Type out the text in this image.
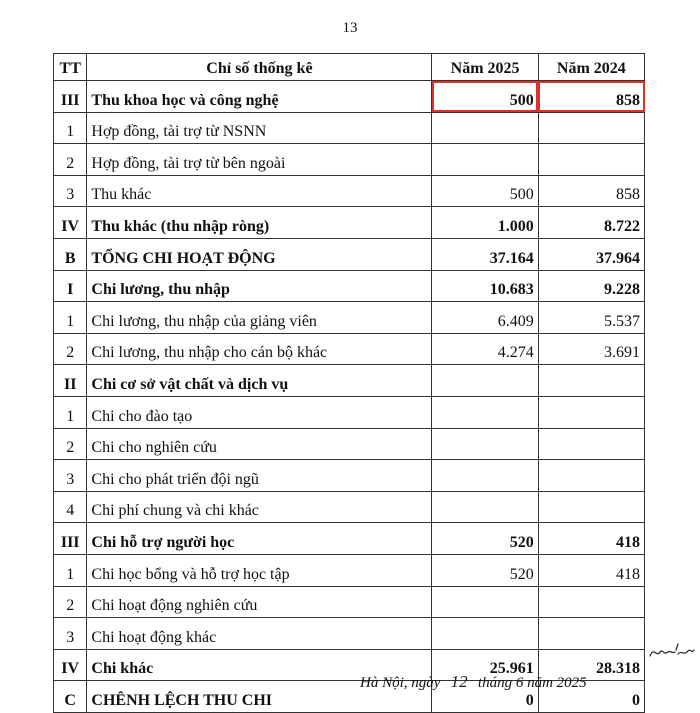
13
TT	Chỉ số thống kê	Năm 2025	Năm 2024
III	Thu khoa học và công nghệ	500	858
1	Hợp đồng, tài trợ từ NSNN		
2	Hợp đồng, tài trợ từ bên ngoài		
3	Thu khác	500	858
IV	Thu khác (thu nhập ròng)	1.000	8.722
B	TỔNG CHI HOẠT ĐỘNG	37.164	37.964
I	Chi lương, thu nhập	10.683	9.228
1	Chi lương, thu nhập của giảng viên	6.409	5.537
2	Chi lương, thu nhập cho cán bộ khác	4.274	3.691
II	Chi cơ sở vật chất và dịch vụ		
1	Chi cho đào tạo		
2	Chi cho nghiên cứu		
3	Chi cho phát triển đội ngũ		
4	Chi phí chung và chi khác		
III	Chi hỗ trợ người học	520	418
1	Chi học bổng và hỗ trợ học tập	520	418
2	Chi hoạt động nghiên cứu		
3	Chi hoạt động khác		
IV	Chi khác	25.961	28.318
C	CHÊNH LỆCH THU CHI	0	0
Hà Nội, ngày 12 tháng 6 năm 2025
